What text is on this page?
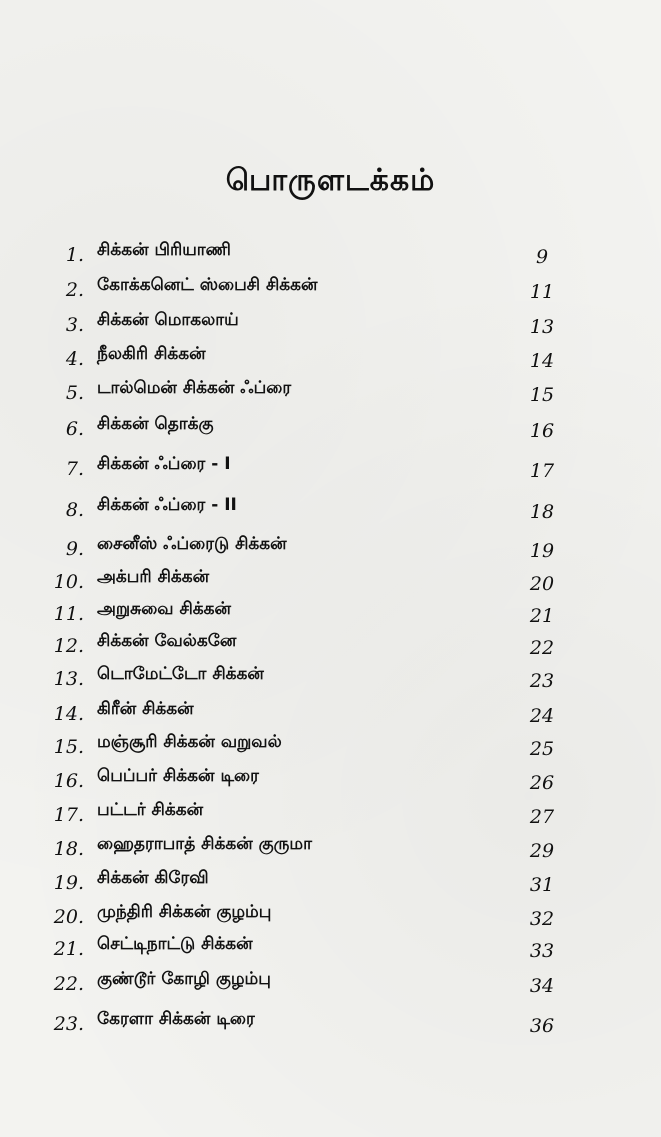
பொருளடக்கம்
1. சிக்கன் பிரியாணி	9
2. கோக்கனெட் ஸ்பைசி சிக்கன்	11
3. சிக்கன் மொகலாய்	13
4. நீலகிரி சிக்கன்	14
5. டால்மென் சிக்கன் ஃப்ரை	15
6. சிக்கன் தொக்கு	16
7. சிக்கன் ஃப்ரை - I	17
8. சிக்கன் ஃப்ரை - II	18
9. சைனீஸ் ஃப்ரைடு சிக்கன்	19
10. அக்பரி சிக்கன்	20
11. அறுசுவை சிக்கன்	21
12. சிக்கன் வேல்கனே	22
13. டொமேட்டோ சிக்கன்	23
14. கிரீன் சிக்கன்	24
15. மஞ்சூரி சிக்கன் வறுவல்	25
16. பெப்பர் சிக்கன் டிரை	26
17. பட்டர் சிக்கன்	27
18. ஹைதராபாத் சிக்கன் குருமா	29
19. சிக்கன் கிரேவி	31
20. முந்திரி சிக்கன் குழம்பு	32
21. செட்டிநாட்டு சிக்கன்	33
22. குண்டூர் கோழி குழம்பு	34
23. கேரளா சிக்கன் டிரை	36
